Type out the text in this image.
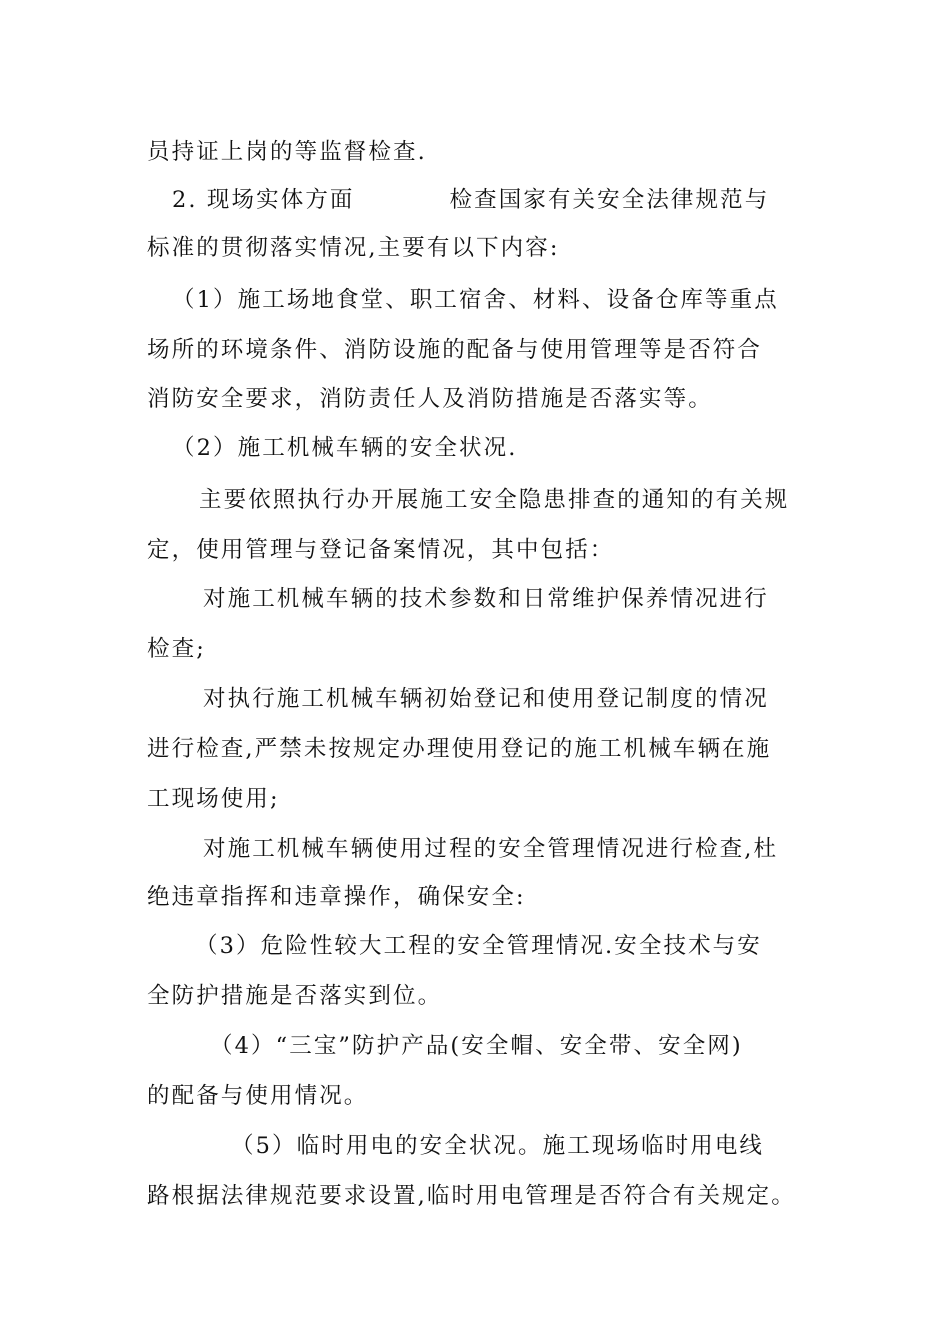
员持证上岗的等监督检查.
2. 现场实体方面	检查国家有关安全法律规范与
标准的贯彻落实情况,主要有以下内容:
（1）施工场地食堂、职工宿舍、材料、设备仓库等重点
场所的环境条件、消防设施的配备与使用管理等是否符合
消防安全要求，消防责任人及消防措施是否落实等。
（2）施工机械车辆的安全状况.
主要依照执行办开展施工安全隐患排查的通知的有关规
定，使用管理与登记备案情况，其中包括：
对施工机械车辆的技术参数和日常维护保养情况进行
检查;
对执行施工机械车辆初始登记和使用登记制度的情况
进行检查,严禁未按规定办理使用登记的施工机械车辆在施
工现场使用;
对施工机械车辆使用过程的安全管理情况进行检查,杜
绝违章指挥和违章操作，确保安全:
（3）危险性较大工程的安全管理情况.安全技术与安
全防护措施是否落实到位。
（4）“三宝”防护产品(安全帽、安全带、安全网)
的配备与使用情况。
（5）临时用电的安全状况。施工现场临时用电线
路根据法律规范要求设置,临时用电管理是否符合有关规定。
